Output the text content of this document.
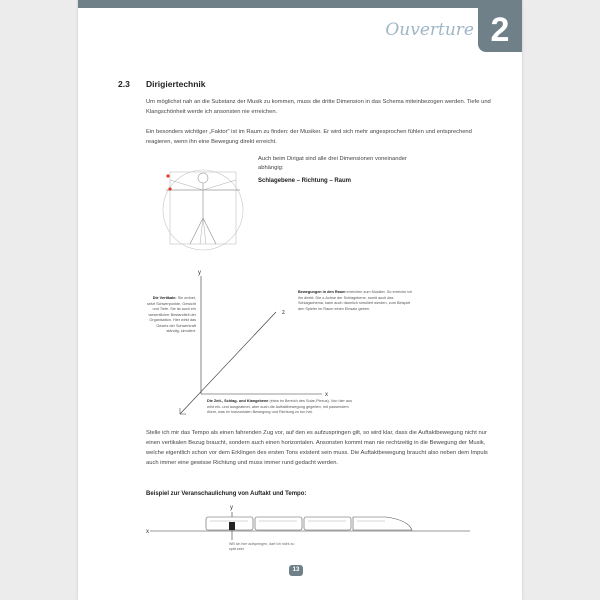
Ouverture 2
2.3 Dirigiertechnik

Um möglichst nah an die Substanz der Musik zu kommen, muss die dritte Dimension in das Schema miteinbezogen werden. Tiefe und Klangschönheit werde ich ansonsten nie erreichen.

Ein besonders wichtiger „Faktor" ist im Raum zu finden: der Musiker. Er wird sich mehr angesprochen fühlen und entsprechend reagieren, wenn ihn eine Bewegung direkt erreicht.

Auch beim Dirigat sind alle drei Dimensionen voneinander abhängig:

Schlagebene – Richtung – Raum
y
x
z

Die Vertikale: Sie ordnet, setzt Schwerpunkte, Gewicht und Tiefe. Sie ist auch ein wesentlicher Bestandteil der Organisation. Hier wirkt das Gesetz der Schwerkraft ständig, simuliert.

Bewegungen in den Raum erreichen zum Musiker. So erreiche ich ihn direkt. Die z-Achse der Schlagebene, somit auch das Schlagschema, kann auch räumlich simuliert werden, zum Beispiel den Spieler im Raum einen Einsatz geben.

Die Zeit-, Schlag- und Klangebene (etwa im Bereich des Solar-Plexus). Von hier aus wird ein- und ausgeatmet, aber auch die Auftaktbewegung gegeben, mit passendem Atem, was im horizontalen Bewegung und Richtung zu tun hat.

Stelle ich mir das Tempo als einen fahrenden Zug vor, auf den es aufzuspringen gilt, so wird klar, dass die Auftaktbewegung nicht nur einen vertikalen Bezug braucht, sondern auch einen horizontalen. Ansonsten kommt man nie rechtzeitig in die Bewegung der Musik, welche eigentlich schon vor dem Erklingen des ersten Tons existent sein muss. Die Auftaktbewegung braucht also neben dem Impuls auch immer eine gewisse Richtung und muss immer rund gedacht werden.

Beispiel zur Veranschaulichung von Auftakt und Tempo:
x
y

Will ich hier aufspringen, darf ich nicht zu spät sein!

13
